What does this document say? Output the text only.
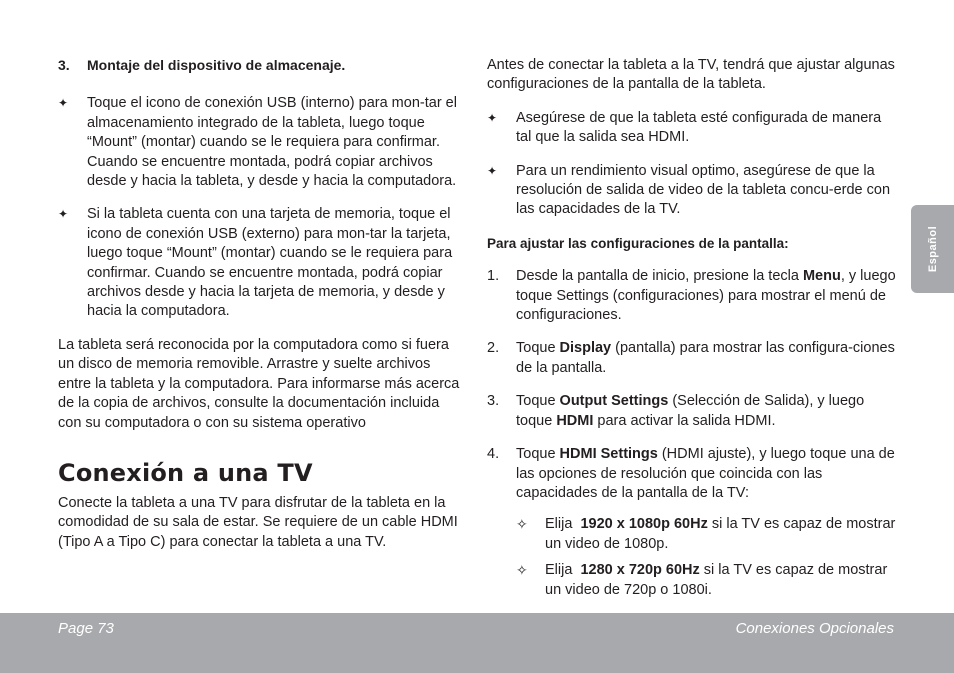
3. Montaje del dispositivo de almacenaje.

✦ Toque el icono de conexión USB (interno) para mon-tar el almacenamiento integrado de la tableta, luego toque “Mount” (montar) cuando se le requiera para confirmar. Cuando se encuentre montada, podrá copiar archivos desde y hacia la tableta, y desde y hacia la computadora.

✦ Si la tableta cuenta con una tarjeta de memoria, toque el icono de conexión USB (externo) para mon-tar la tarjeta, luego toque “Mount” (montar) cuando se le requiera para confirmar. Cuando se encuentre montada, podrá copiar archivos desde y hacia la tarjeta de memoria, y desde y hacia la computadora.

La tableta será reconocida por la computadora como si fuera un disco de memoria removible. Arrastre y suelte archivos entre la tableta y la computadora. Para informarse más acerca de la copia de archivos, consulte la documentación incluida con su computadora o con su sistema operativo

Conexión a una TV

Conecte la tableta a una TV para disfrutar de la tableta en la comodidad de su sala de estar. Se requiere de un cable HDMI (Tipo A a Tipo C) para conectar la tableta a una TV.

Antes de conectar la tableta a la TV, tendrá que ajustar algunas configuraciones de la pantalla de la tableta.

✦ Asegúrese de que la tableta esté configurada de manera tal que la salida sea HDMI.

✦ Para un rendimiento visual optimo, asegúrese de que la resolución de salida de video de la tableta concu-erde con las capacidades de la TV.

Para ajustar las configuraciones de la pantalla:

1. Desde la pantalla de inicio, presione la tecla Menu, y luego toque Settings (configuraciones) para mostrar el menú de configuraciones.

2. Toque Display (pantalla) para mostrar las configura-ciones de la pantalla.

3. Toque Output Settings (Selección de Salida), y luego toque HDMI para activar la salida HDMI.

4. Toque HDMI Settings (HDMI ajuste), y luego toque una de las opciones de resolución que coincida con las capacidades de la pantalla de la TV:

✧ Elija  1920 x 1080p 60Hz si la TV es capaz de mostrar un video de 1080p.

✧ Elija  1280 x 720p 60Hz si la TV es capaz de mostrar un video de 720p o 1080i.

Español
Page 73	Conexiones Opcionales
